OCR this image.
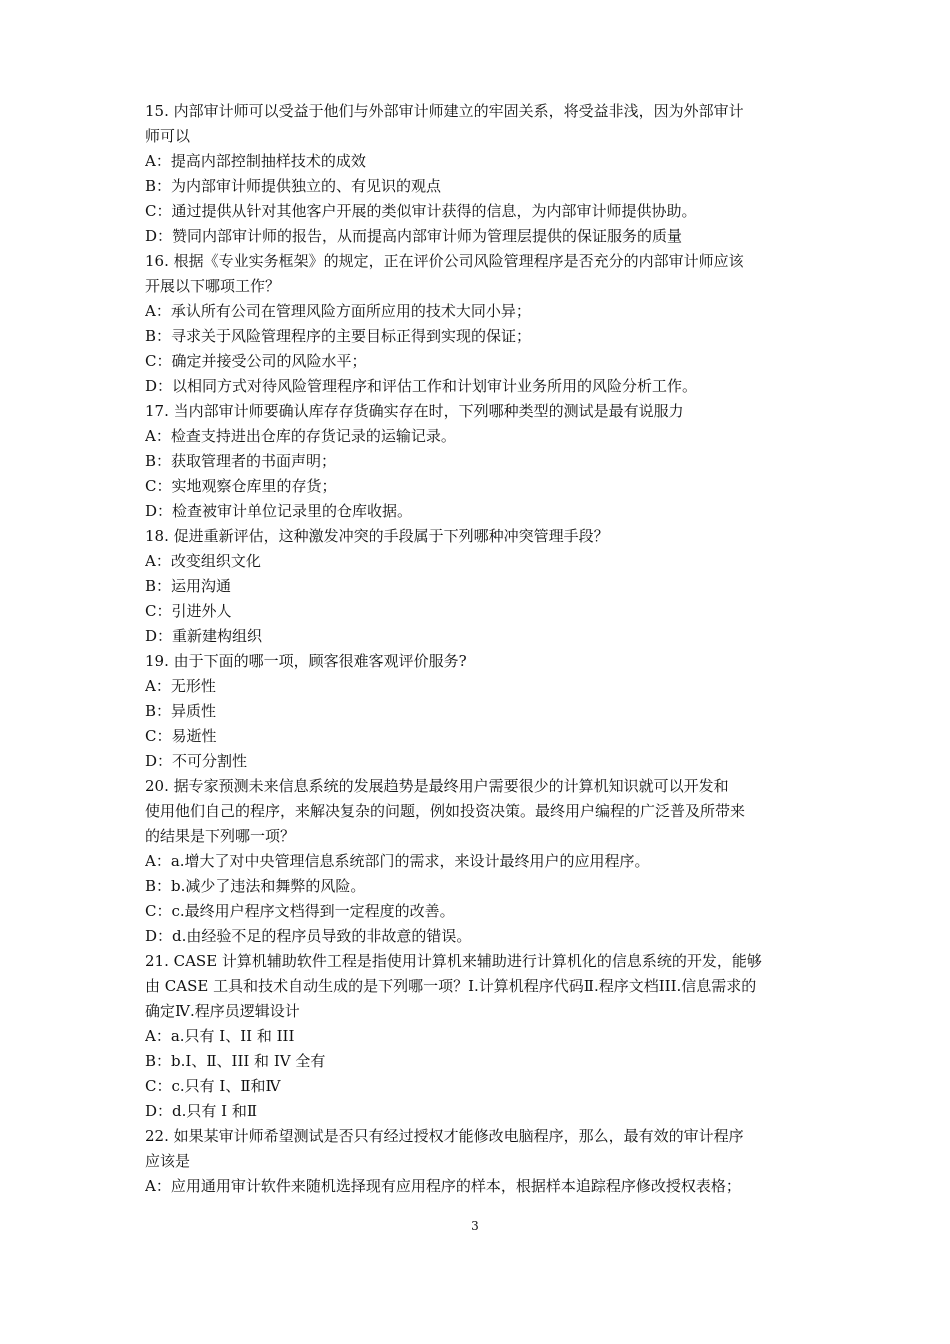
15. 内部审计师可以受益于他们与外部审计师建立的牢固关系，将受益非浅，因为外部审计
师可以
A：提高内部控制抽样技术的成效
B：为内部审计师提供独立的、有见识的观点
C：通过提供从针对其他客户开展的类似审计获得的信息，为内部审计师提供协助。
D：赞同内部审计师的报告，从而提高内部审计师为管理层提供的保证服务的质量
16. 根据《专业实务框架》的规定，正在评价公司风险管理程序是否充分的内部审计师应该
开展以下哪项工作？
A：承认所有公司在管理风险方面所应用的技术大同小异；
B：寻求关于风险管理程序的主要目标正得到实现的保证；
C：确定并接受公司的风险水平；
D：以相同方式对待风险管理程序和评估工作和计划审计业务所用的风险分析工作。
17. 当内部审计师要确认库存存货确实存在时，下列哪种类型的测试是最有说服力
A：检查支持进出仓库的存货记录的运输记录。
B：获取管理者的书面声明；
C：实地观察仓库里的存货；
D：检查被审计单位记录里的仓库收据。
18. 促进重新评估，这种激发冲突的手段属于下列哪种冲突管理手段？
A：改变组织文化
B：运用沟通
C：引进外人
D：重新建构组织
19. 由于下面的哪一项，顾客很难客观评价服务?
A：无形性
B：异质性
C：易逝性
D：不可分割性
20. 据专家预测未来信息系统的发展趋势是最终用户需要很少的计算机知识就可以开发和
使用他们自己的程序，来解决复杂的问题，例如投资决策。最终用户编程的广泛普及所带来
的结果是下列哪一项？
A：a.增大了对中央管理信息系统部门的需求，来设计最终用户的应用程序。
B：b.减少了违法和舞弊的风险。
C：c.最终用户程序文档得到一定程度的改善。
D：d.由经验不足的程序员导致的非故意的错误。
21. CASE 计算机辅助软件工程是指使用计算机来辅助进行计算机化的信息系统的开发，能够
由 CASE 工具和技术自动生成的是下列哪一项？I.计算机程序代码Ⅱ.程序文档III.信息需求的
确定Ⅳ.程序员逻辑设计
A：a.只有 I、II 和 III
B：b.I、Ⅱ、III 和 IV 全有
C：c.只有 I、Ⅱ和Ⅳ
D：d.只有 I 和Ⅱ
22. 如果某审计师希望测试是否只有经过授权才能修改电脑程序，那么，最有效的审计程序
应该是
A：应用通用审计软件来随机选择现有应用程序的样本，根据样本追踪程序修改授权表格；
3
